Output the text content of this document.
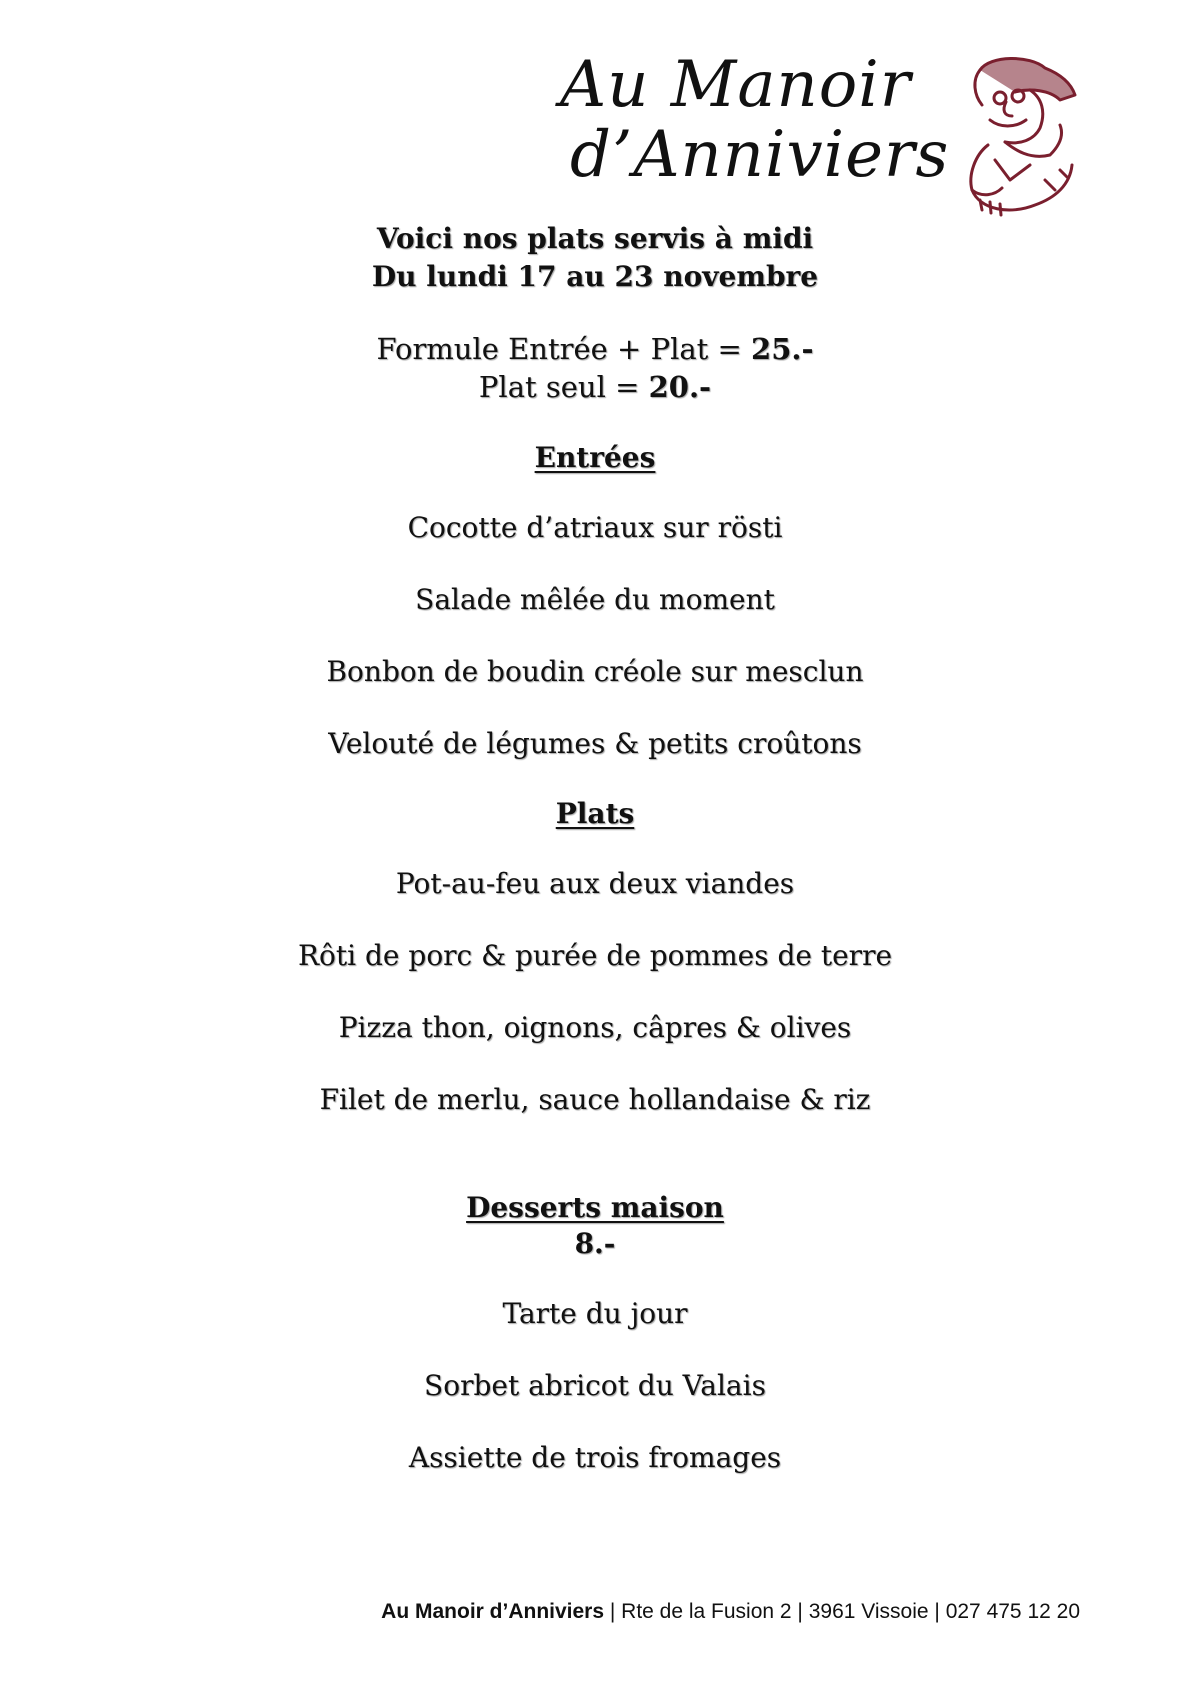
Au Manoir
d’Anniviers
Voici nos plats servis à midi
Du lundi 17 au 23 novembre
Formule Entrée + Plat = 25.-
Plat seul = 20.-
Entrées
Cocotte d’atriaux sur rösti
Salade mêlée du moment
Bonbon de boudin créole sur mesclun
Velouté de légumes & petits croûtons
Plats
Pot-au-feu aux deux viandes
Rôti de porc & purée de pommes de terre
Pizza thon, oignons, câpres & olives
Filet de merlu, sauce hollandaise & riz
Desserts maison
8.-
Tarte du jour
Sorbet abricot du Valais
Assiette de trois fromages
Au Manoir d’Anniviers | Rte de la Fusion 2 | 3961 Vissoie | 027 475 12 20
